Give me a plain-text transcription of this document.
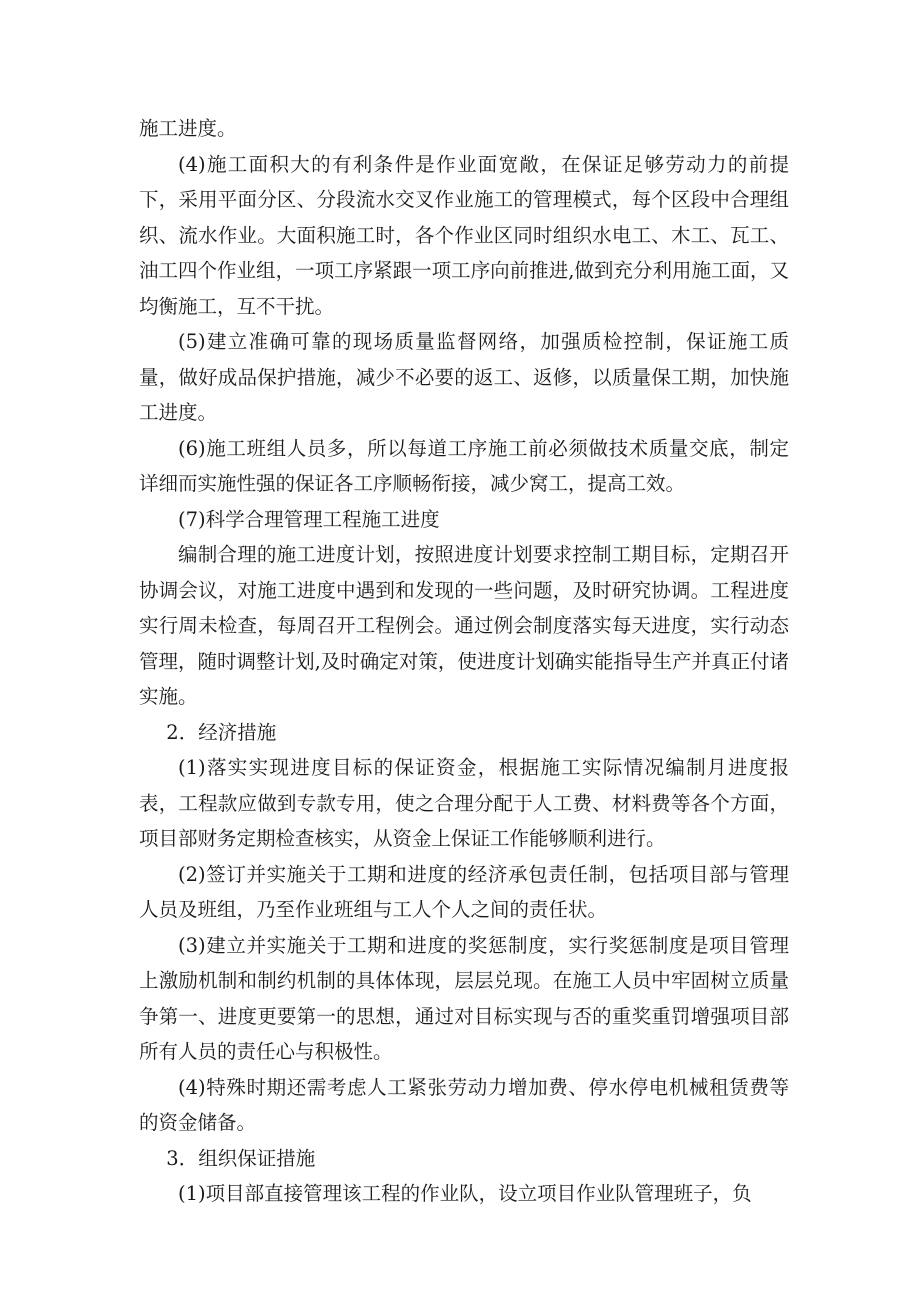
施工进度。

(4)施工面积大的有利条件是作业面宽敞，在保证足够劳动力的前提下，采用平面分区、分段流水交叉作业施工的管理模式，每个区段中合理组织、流水作业。大面积施工时，各个作业区同时组织水电工、木工、瓦工、油工四个作业组，一项工序紧跟一项工序向前推进,做到充分利用施工面，又均衡施工，互不干扰。

(5)建立准确可靠的现场质量监督网络，加强质检控制，保证施工质量，做好成品保护措施，减少不必要的返工、返修，以质量保工期，加快施工进度。

(6)施工班组人员多，所以每道工序施工前必须做技术质量交底，制定详细而实施性强的保证各工序顺畅衔接，减少窝工，提高工效。

(7)科学合理管理工程施工进度

编制合理的施工进度计划，按照进度计划要求控制工期目标，定期召开协调会议，对施工进度中遇到和发现的一些问题，及时研究协调。工程进度实行周未检查，每周召开工程例会。通过例会制度落实每天进度，实行动态管理，随时调整计划,及时确定对策，使进度计划确实能指导生产并真正付诸实施。

2．经济措施

(1)落实实现进度目标的保证资金，根据施工实际情况编制月进度报表，工程款应做到专款专用，使之合理分配于人工费、材料费等各个方面，项目部财务定期检查核实，从资金上保证工作能够顺利进行。

(2)签订并实施关于工期和进度的经济承包责任制，包括项目部与管理人员及班组，乃至作业班组与工人个人之间的责任状。

(3)建立并实施关于工期和进度的奖惩制度，实行奖惩制度是项目管理上激励机制和制约机制的具体体现，层层兑现。在施工人员中牢固树立质量争第一、进度更要第一的思想，通过对目标实现与否的重奖重罚增强项目部所有人员的责任心与积极性。

(4)特殊时期还需考虑人工紧张劳动力增加费、停水停电机械租赁费等的资金储备。

3．组织保证措施

(1)项目部直接管理该工程的作业队，设立项目作业队管理班子，负
